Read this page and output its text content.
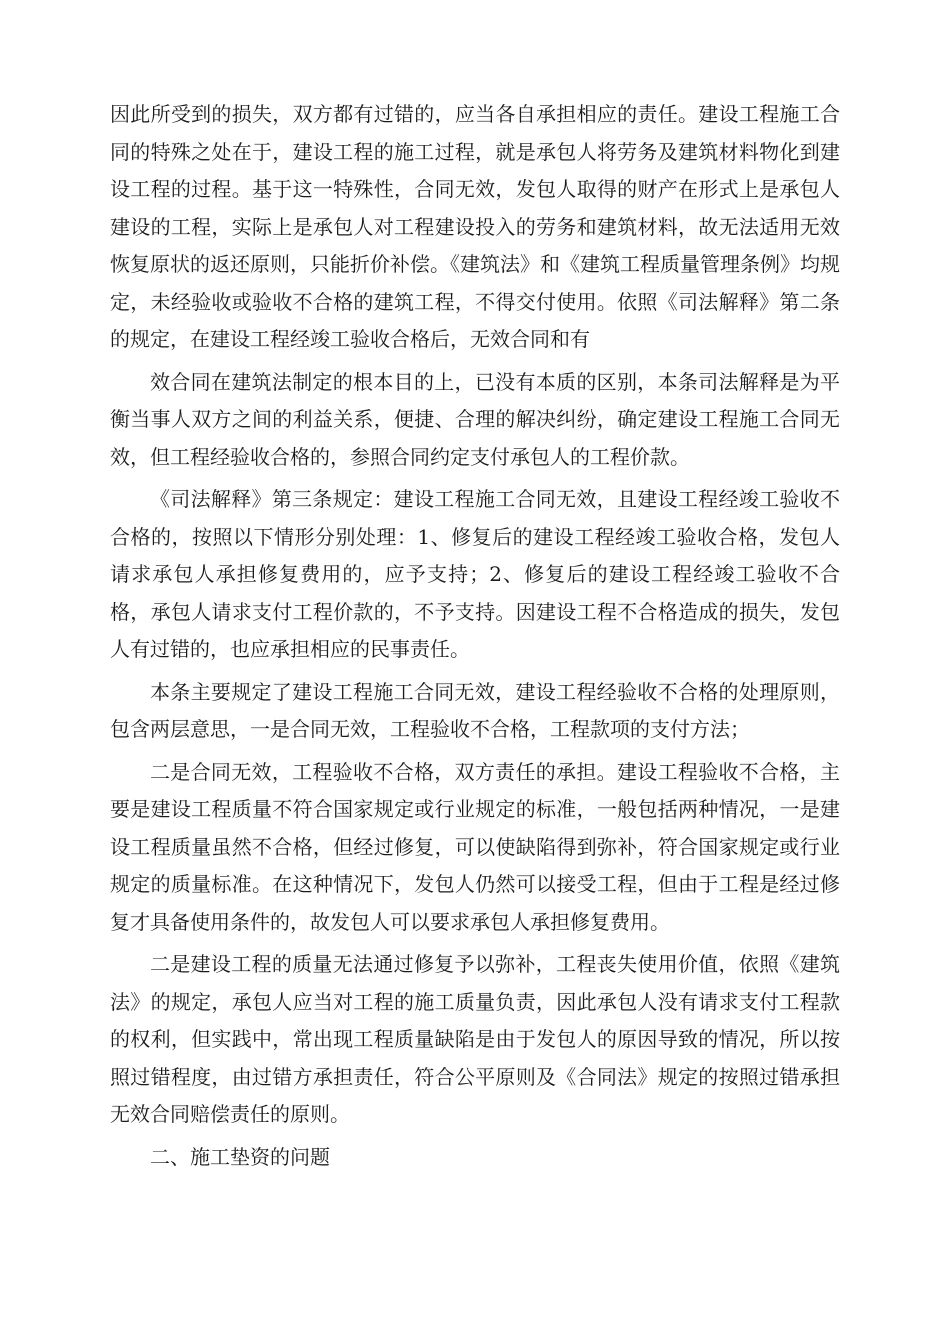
因此所受到的损失，双方都有过错的，应当各自承担相应的责任。建设工程施工合同的特殊之处在于，建设工程的施工过程，就是承包人将劳务及建筑材料物化到建设工程的过程。基于这一特殊性，合同无效，发包人取得的财产在形式上是承包人建设的工程，实际上是承包人对工程建设投入的劳务和建筑材料，故无法适用无效恢复原状的返还原则，只能折价补偿。《建筑法》和《建筑工程质量管理条例》均规定，未经验收或验收不合格的建筑工程，不得交付使用。依照《司法解释》第二条的规定，在建设工程经竣工验收合格后，无效合同和有

效合同在建筑法制定的根本目的上，已没有本质的区别，本条司法解释是为平衡当事人双方之间的利益关系，便捷、合理的解决纠纷，确定建设工程施工合同无效，但工程经验收合格的，参照合同约定支付承包人的工程价款。

《司法解释》第三条规定：建设工程施工合同无效，且建设工程经竣工验收不合格的，按照以下情形分别处理：1、修复后的建设工程经竣工验收合格，发包人请求承包人承担修复费用的，应予支持；2、修复后的建设工程经竣工验收不合格，承包人请求支付工程价款的，不予支持。因建设工程不合格造成的损失，发包人有过错的，也应承担相应的民事责任。

本条主要规定了建设工程施工合同无效，建设工程经验收不合格的处理原则，包含两层意思，一是合同无效，工程验收不合格，工程款项的支付方法；

二是合同无效，工程验收不合格，双方责任的承担。建设工程验收不合格，主要是建设工程质量不符合国家规定或行业规定的标准，一般包括两种情况，一是建设工程质量虽然不合格，但经过修复，可以使缺陷得到弥补，符合国家规定或行业规定的质量标准。在这种情况下，发包人仍然可以接受工程，但由于工程是经过修复才具备使用条件的，故发包人可以要求承包人承担修复费用。

二是建设工程的质量无法通过修复予以弥补，工程丧失使用价值，依照《建筑法》的规定，承包人应当对工程的施工质量负责，因此承包人没有请求支付工程款的权利，但实践中，常出现工程质量缺陷是由于发包人的原因导致的情况，所以按照过错程度，由过错方承担责任，符合公平原则及《合同法》规定的按照过错承担无效合同赔偿责任的原则。

二、施工垫资的问题
